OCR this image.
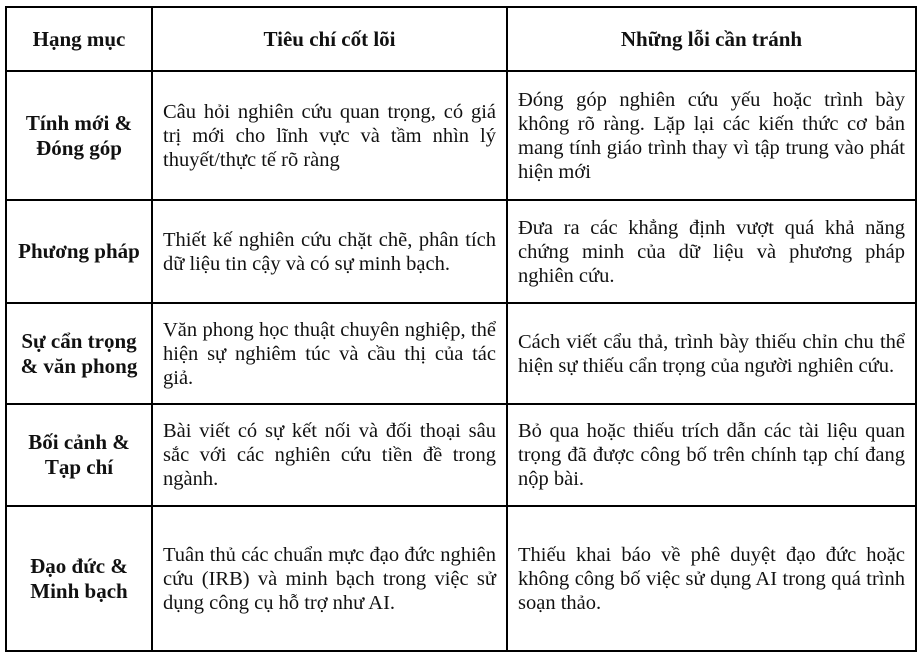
Hạng mục	Tiêu chí cốt lõi	Những lỗi cần tránh
Tính mới & Đóng góp	Câu hỏi nghiên cứu quan trọng, có giá trị mới cho lĩnh vực và tầm nhìn lý thuyết/thực tế rõ ràng	Đóng góp nghiên cứu yếu hoặc trình bày không rõ ràng. Lặp lại các kiến thức cơ bản mang tính giáo trình thay vì tập trung vào phát hiện mới
Phương pháp	Thiết kế nghiên cứu chặt chẽ, phân tích dữ liệu tin cậy và có sự minh bạch.	Đưa ra các khẳng định vượt quá khả năng chứng minh của dữ liệu và phương pháp nghiên cứu.
Sự cẩn trọng & văn phong	Văn phong học thuật chuyên nghiệp, thể hiện sự nghiêm túc và cầu thị của tác giả.	Cách viết cẩu thả, trình bày thiếu chỉn chu thể hiện sự thiếu cẩn trọng của người nghiên cứu.
Bối cảnh & Tạp chí	Bài viết có sự kết nối và đối thoại sâu sắc với các nghiên cứu tiền đề trong ngành.	Bỏ qua hoặc thiếu trích dẫn các tài liệu quan trọng đã được công bố trên chính tạp chí đang nộp bài.
Đạo đức & Minh bạch	Tuân thủ các chuẩn mực đạo đức nghiên cứu (IRB) và minh bạch trong việc sử dụng công cụ hỗ trợ như AI.	Thiếu khai báo về phê duyệt đạo đức hoặc không công bố việc sử dụng AI trong quá trình soạn thảo.
